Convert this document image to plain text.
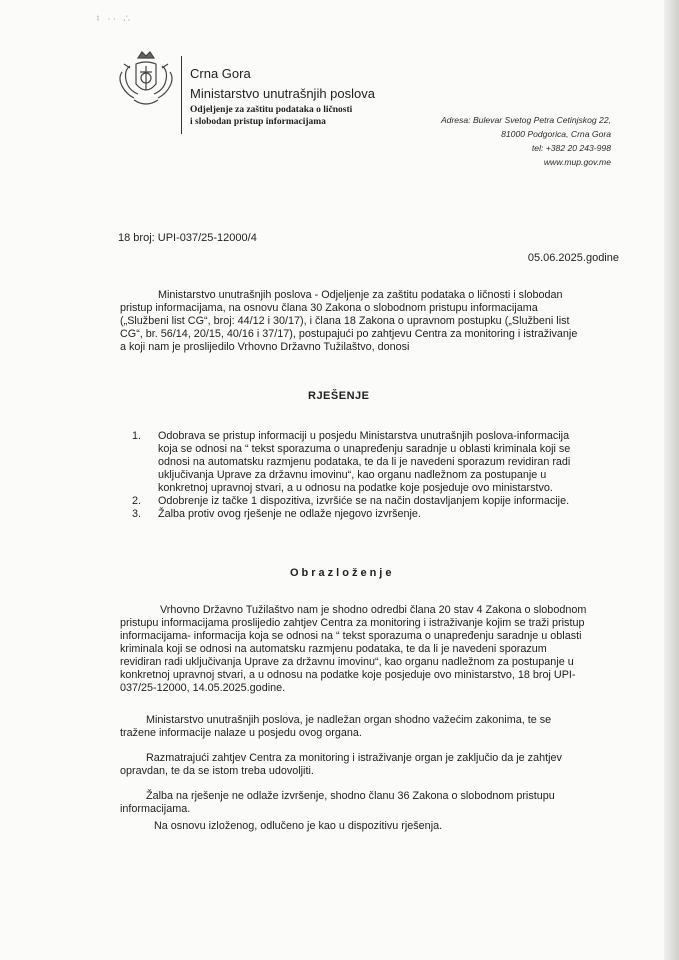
♮ ·· ∴
Crna Gora
Ministarstvo unutrašnjih poslova
Odjeljenje za zaštitu podataka o ličnosti
i slobodan pristup informacijama	Adresa: Bulevar Svetog Petra Cetinjskog 22,
81000 Podgorica, Crna Gora
tel: +382 20 243-998
www.mup.gov.me
18 broj: UPI-037/25-12000/4
05.06.2025.godine
Ministarstvo unutrašnjih poslova - Odjeljenje za zaštitu podataka o ličnosti i slobodan
pristup informacijama, na osnovu člana 30 Zakona o slobodnom pristupu informacijama
(„Službeni list CG“, broj: 44/12 i 30/17), i člana 18 Zakona o upravnom postupku („Službeni list
CG“, br. 56/14, 20/15, 40/16 i 37/17), postupajući po zahtjevu Centra za monitoring i istraživanje
a koji nam je proslijedilo Vrhovno Državno Tužilaštvo, donosi
RJEŠENJE
1. Odobrava se pristup informaciji u posjedu Ministarstva unutrašnjih poslova-informacija
koja se odnosi na “ tekst sporazuma o unapređenju saradnje u oblasti kriminala koji se
odnosi na automatsku razmjenu podataka, te da li je navedeni sporazum revidiran radi
uključivanja Uprave za državnu imovinu“, kao organu nadležnom za postupanje u
konkretnoj upravnoj stvari, a u odnosu na podatke koje posjeduje ovo ministarstvo.
2. Odobrenje iz tačke 1 dispozitiva, izvršiće se na način dostavljanjem kopije informacije.
3. Žalba protiv ovog rješenje ne odlaže njegovo izvršenje.
Obrazloženje
Vrhovno Državno Tužilaštvo nam je shodno odredbi člana 20 stav 4 Zakona o slobodnom
pristupu informacijama proslijedio zahtjev Centra za monitoring i istraživanje kojim se traži pristup
informacijama- informacija koja se odnosi na “ tekst sporazuma o unapređenju saradnje u oblasti
kriminala koji se odnosi na automatsku razmjenu podataka, te da li je navedeni sporazum
revidiran radi uključivanja Uprave za državnu imovinu“, kao organu nadležnom za postupanje u
konkretnoj upravnoj stvari, a u odnosu na podatke koje posjeduje ovo ministarstvo, 18 broj UPI-
037/25-12000, 14.05.2025.godine.
Ministarstvo unutrašnjih poslova, je nadležan organ shodno važećim zakonima, te se
tražene informacije nalaze u posjedu ovog organa.
Razmatrajući zahtjev Centra za monitoring i istraživanje organ je zaključio da je zahtjev
opravdan, te da se istom treba udovoljiti.
Žalba na rješenje ne odlaže izvršenje, shodno članu 36 Zakona o slobodnom pristupu
informacijama.
Na osnovu izloženog, odlučeno je kao u dispozitivu rješenja.
